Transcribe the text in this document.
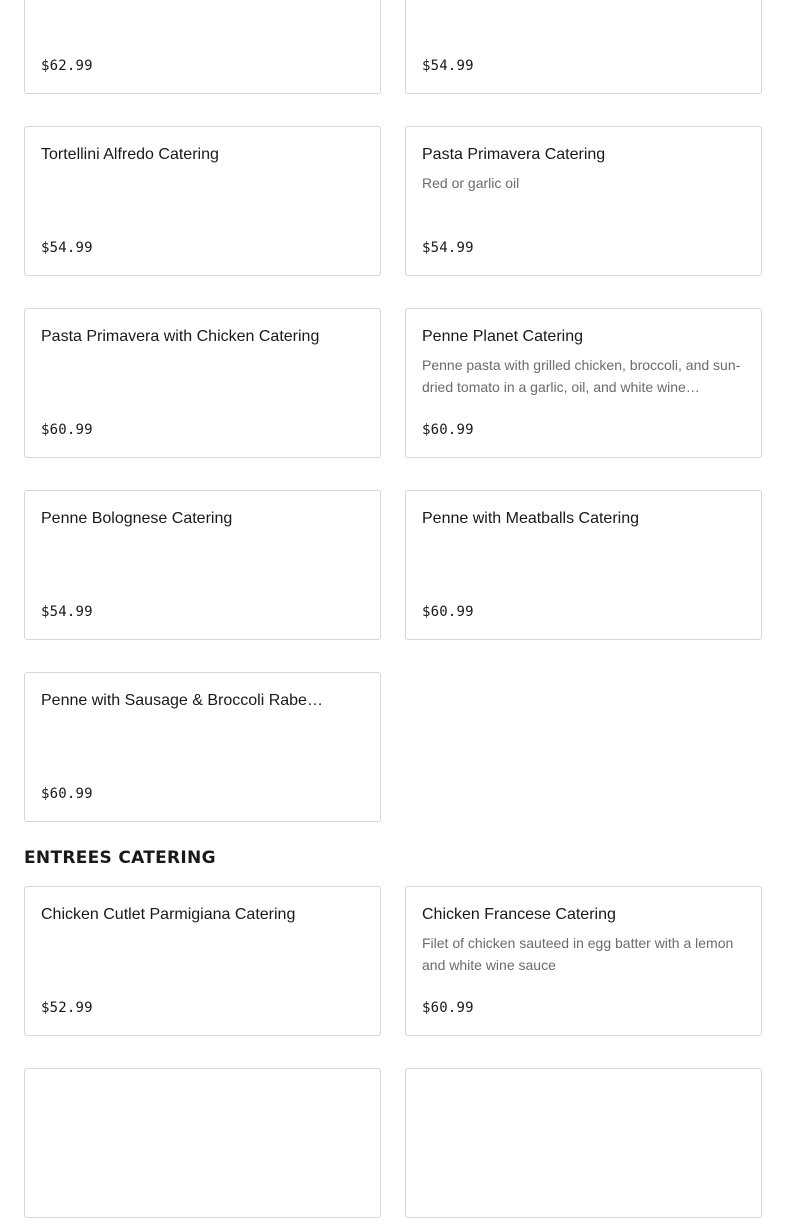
$62.99	$54.99
Tortellini Alfredo Catering
$54.99
Pasta Primavera Catering
Red or garlic oil
$54.99
Pasta Primavera with Chicken Catering
$60.99
Penne Planet Catering
Penne pasta with grilled chicken, broccoli, and sun-dried tomato in a garlic, oil, and white wine…
$60.99
Penne Bolognese Catering
$54.99
Penne with Meatballs Catering
$60.99
Penne with Sausage & Broccoli Rabe…
$60.99
ENTREES CATERING
Chicken Cutlet Parmigiana Catering
$52.99
Chicken Francese Catering
Filet of chicken sauteed in egg batter with a lemon and white wine sauce
$60.99
